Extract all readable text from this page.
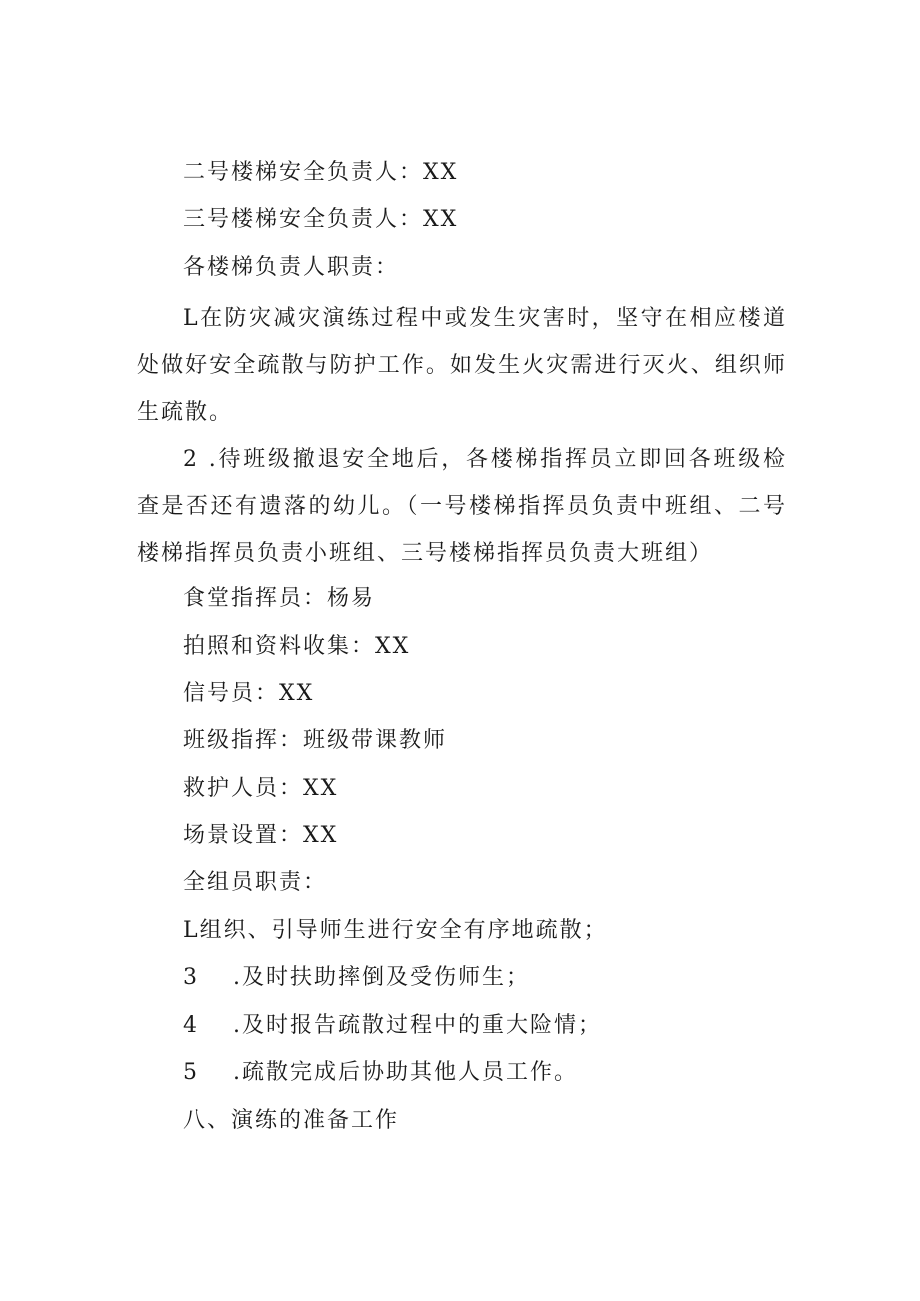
二号楼梯安全负责人：XX
三号楼梯安全负责人：XX
各楼梯负责人职责：
L在防灾减灾演练过程中或发生灾害时，坚守在相应楼道 处做好安全疏散与防护工作。如发生火灾需进行灭火、组织师 生疏散。
2 .待班级撤退安全地后，各楼梯指挥员立即回各班级检查是否还有遗落的幼儿。（一号楼梯指挥员负责中班组、二号楼梯指挥员负责小班组、三号楼梯指挥员负责大班组）
食堂指挥员：杨易
拍照和资料收集：XX
信号员：XX
班级指挥：班级带课教师
救护人员：XX
场景设置：XX
全组员职责：
L组织、引导师生进行安全有序地疏散；
3 .及时扶助摔倒及受伤师生；
4 .及时报告疏散过程中的重大险情；
5 .疏散完成后协助其他人员工作。
八、演练的准备工作
